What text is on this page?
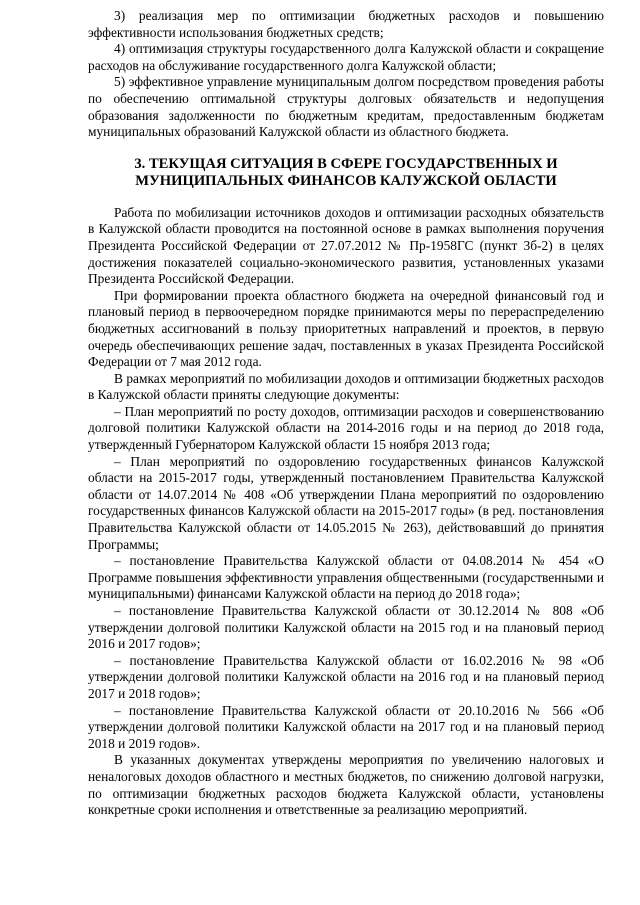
3) реализация мер по оптимизации бюджетных расходов и повышению эффективности использования бюджетных средств;

4) оптимизация структуры государственного долга Калужской области и сокращение расходов на обслуживание государственного долга Калужской области;

5) эффективное управление муниципальным долгом посредством проведения работы по обеспечению оптимальной структуры долговых обязательств и недопущения образования задолженности по бюджетным кредитам, предоставленным бюджетам муниципальных образований Калужской области из областного бюджета.

3. ТЕКУЩАЯ СИТУАЦИЯ В СФЕРЕ ГОСУДАРСТВЕННЫХ И
МУНИЦИПАЛЬНЫХ ФИНАНСОВ КАЛУЖСКОЙ ОБЛАСТИ

Работа по мобилизации источников доходов и оптимизации расходных обязательств в Калужской области проводится на постоянной основе в рамках выполнения поручения Президента Российской Федерации от 27.07.2012 № Пр-1958ГС (пункт 3б-2) в целях достижения показателей социально-экономического развития, установленных указами Президента Российской Федерации.

При формировании проекта областного бюджета на очередной финансовый год и плановый период в первоочередном порядке принимаются меры по перераспределению бюджетных ассигнований в пользу приоритетных направлений и проектов, в первую очередь обеспечивающих решение задач, поставленных в указах Президента Российской Федерации от 7 мая 2012 года.

В рамках мероприятий по мобилизации доходов и оптимизации бюджетных расходов в Калужской области приняты следующие документы:

– План мероприятий по росту доходов, оптимизации расходов и совершенствованию долговой политики Калужской области на 2014-2016 годы и на период до 2018 года, утвержденный Губернатором Калужской области 15 ноября 2013 года;

– План мероприятий по оздоровлению государственных финансов Калужской области на 2015-2017 годы, утвержденный постановлением Правительства Калужской области от 14.07.2014 № 408 «Об утверждении Плана мероприятий по оздоровлению государственных финансов Калужской области на 2015-2017 годы» (в ред. постановления Правительства Калужской области от 14.05.2015 № 263), действовавший до принятия Программы;

– постановление Правительства Калужской области от 04.08.2014 № 454 «О Программе повышения эффективности управления общественными (государственными и муниципальными) финансами Калужской области на период до 2018 года»;

– постановление Правительства Калужской области от 30.12.2014 № 808 «Об утверждении долговой политики Калужской области на 2015 год и на плановый период 2016 и 2017 годов»;

– постановление Правительства Калужской области от 16.02.2016 № 98 «Об утверждении долговой политики Калужской области на 2016 год и на плановый период 2017 и 2018 годов»;

– постановление Правительства Калужской области от 20.10.2016 № 566 «Об утверждении долговой политики Калужской области на 2017 год и на плановый период 2018 и 2019 годов».

В указанных документах утверждены мероприятия по увеличению налоговых и неналоговых доходов областного и местных бюджетов, по снижению долговой нагрузки, по оптимизации бюджетных расходов бюджета Калужской области, установлены конкретные сроки исполнения и ответственные за реализацию мероприятий.
